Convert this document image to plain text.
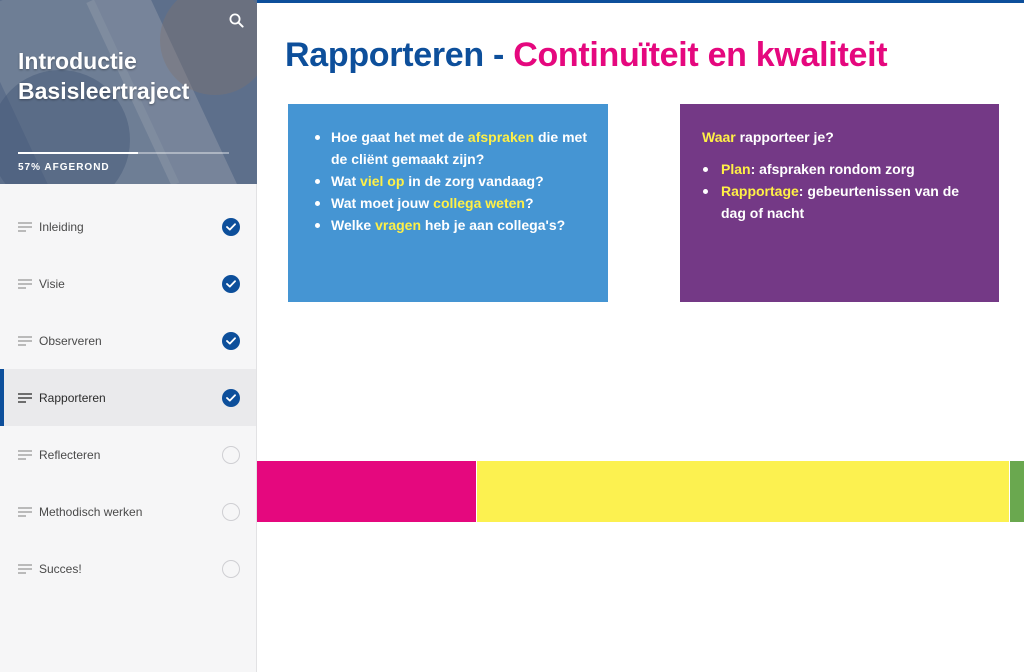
Introductie Basisleertraject
57% AFGEROND
Inleiding
Visie
Observeren
Rapporteren
Reflecteren
Methodisch werken
Succes!
Rapporteren - Continuïteit en kwaliteit
Hoe gaat het met de afspraken die met de cliënt gemaakt zijn?
Wat viel op in de zorg vandaag?
Wat moet jouw collega weten?
Welke vragen heb je aan collega's?
Waar rapporteer je?
Plan: afspraken rondom zorg
Rapportage: gebeurtenissen van de dag of nacht
